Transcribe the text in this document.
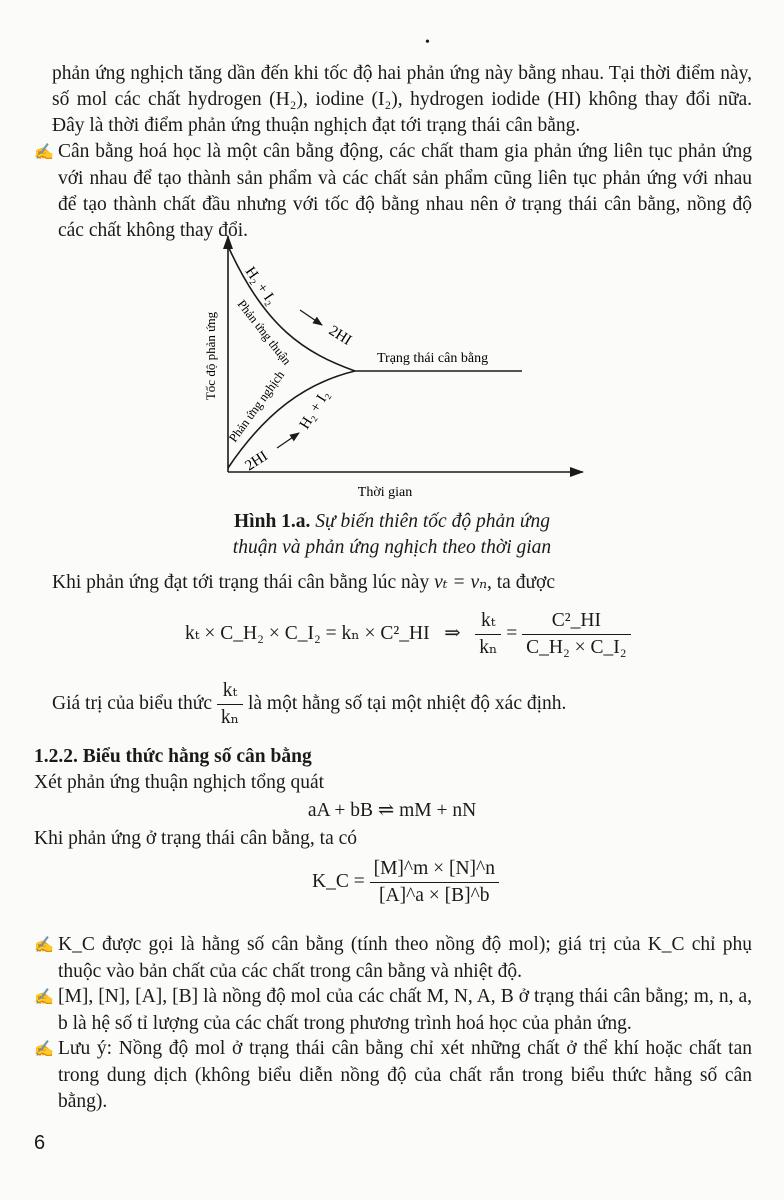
•

phản ứng nghịch tăng dần đến khi tốc độ hai phản ứng này bằng nhau. Tại thời điểm này, số mol các chất hydrogen (H₂), iodine (I₂), hydrogen iodide (HI) không thay đổi nữa. Đây là thời điểm phản ứng thuận nghịch đạt tới trạng thái cân bằng.

✍ Cân bằng hoá học là một cân bằng động, các chất tham gia phản ứng liên tục phản ứng với nhau để tạo thành sản phẩm và các chất sản phẩm cũng liên tục phản ứng với nhau để tạo thành chất đầu nhưng với tốc độ bằng nhau nên ở trạng thái cân bằng, nồng độ các chất không thay đổi.

Trạng thái cân bằng
Tốc độ phản ứng
Thời gian
Phản ứng thuận
Phản ứng nghịch
H₂ + I₂
2HI
2HI
H₂ + I₂

Hình 1.a. Sự biến thiên tốc độ phản ứng

thuận và phản ứng nghịch theo thời gian

Khi phản ứng đạt tới trạng thái cân bằng lúc này vₜ = vₙ, ta được

kₜ × C_H₂ × C_I₂ = kₙ × C²_HI ⇒ $\frac{\text{kₜ}}{\text{kₙ}} = \frac{\text{C²\_HI}}{\text{C\_H₂ × C\_I₂}}$
Giá trị của biểu thức $\frac{\text{kₜ}}{\text{kₙ}}$ là một hằng số tại một nhiệt độ xác định.

1.2.2. Biểu thức hằng số cân bằng

Xét phản ứng thuận nghịch tổng quát

aA + bB ⇌ mM + nN

Khi phản ứng ở trạng thái cân bằng, ta có

K_C = $\frac{[M]\^{}m \times [N]\^{}n}{[A]\^{}a \times [B]\^{}b}$

✍ K_C được gọi là hằng số cân bằng (tính theo nồng độ mol); giá trị của K_C chỉ phụ thuộc vào bản chất của các chất trong cân bằng và nhiệt độ.

✍ [M], [N], [A], [B] là nồng độ mol của các chất M, N, A, B ở trạng thái cân bằng; m, n, a, b là hệ số tỉ lượng của các chất trong phương trình hoá học của phản ứng.

✍ Lưu ý: Nồng độ mol ở trạng thái cân bằng chỉ xét những chất ở thể khí hoặc chất tan trong dung dịch (không biểu diễn nồng độ của chất rắn trong biểu thức hằng số cân bằng).

6
